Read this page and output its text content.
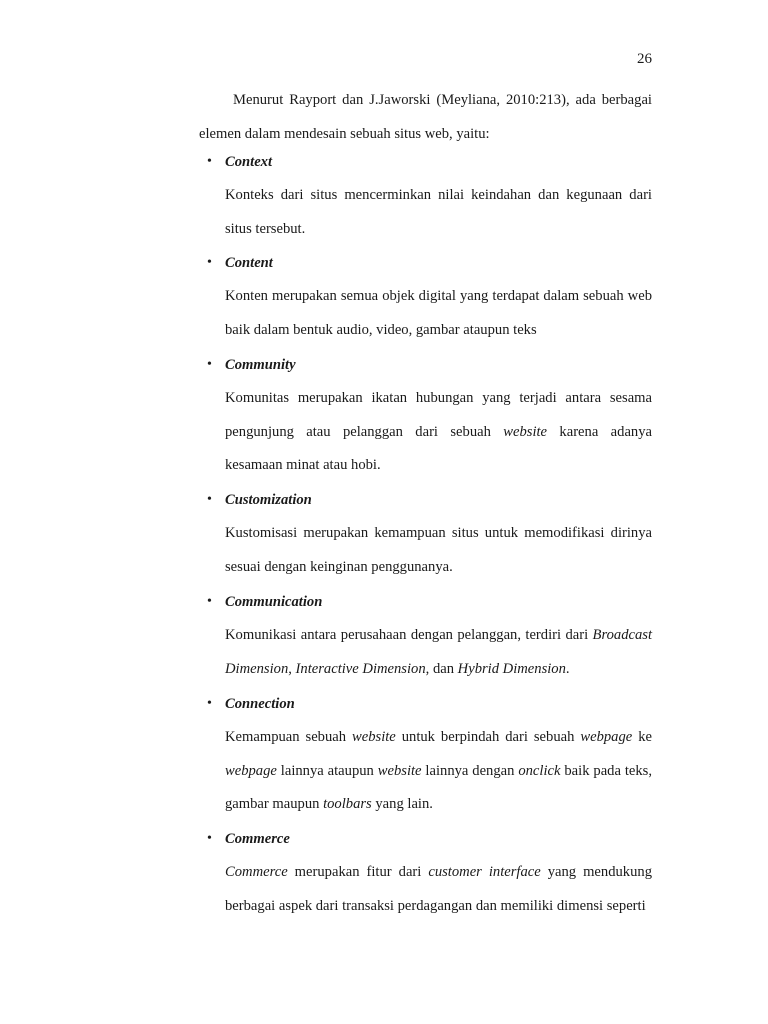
26

Menurut Rayport dan J.Jaworski (Meyliana, 2010:213), ada berbagai elemen dalam mendesain sebuah situs web, yaitu:

• Context

Konteks dari situs mencerminkan nilai keindahan dan kegunaan dari situs tersebut.

• Content

Konten merupakan semua objek digital yang terdapat dalam sebuah web baik dalam bentuk audio, video, gambar ataupun teks

• Community

Komunitas merupakan ikatan hubungan yang terjadi antara sesama pengunjung atau pelanggan dari sebuah website karena adanya kesamaan minat atau hobi.

• Customization

Kustomisasi merupakan kemampuan situs untuk memodifikasi dirinya sesuai dengan keinginan penggunanya.

• Communication

Komunikasi antara perusahaan dengan pelanggan, terdiri dari Broadcast Dimension, Interactive Dimension, dan Hybrid Dimension.

• Connection

Kemampuan sebuah website untuk berpindah dari sebuah webpage ke webpage lainnya ataupun website lainnya dengan onclick baik pada teks, gambar maupun toolbars yang lain.

• Commerce

Commerce merupakan fitur dari customer interface yang mendukung berbagai aspek dari transaksi perdagangan dan memiliki dimensi seperti
